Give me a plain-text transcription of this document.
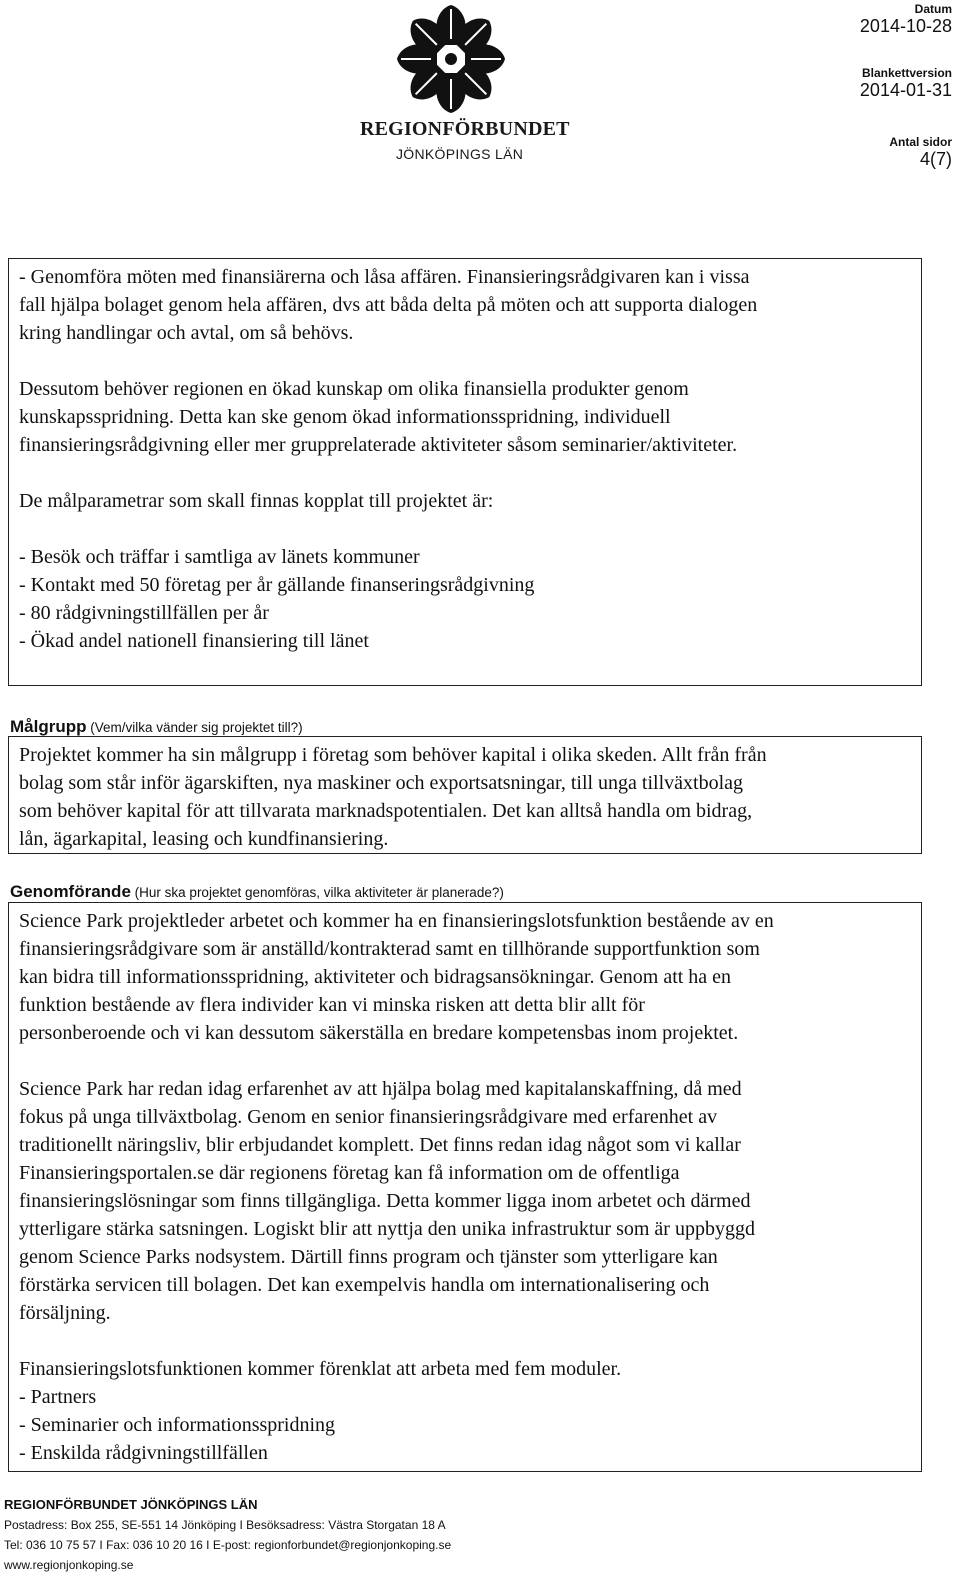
REGIONFÖRBUNDET
JÖNKÖPINGS LÄN
Datum
2014-10-28
Blankettversion
2014-01-31
Antal sidor
4(7)

- Genomföra möten med finansiärerna och låsa affären. Finansieringsrådgivaren kan i vissa

fall hjälpa bolaget genom hela affären, dvs att båda delta på möten och att supporta dialogen

kring handlingar och avtal, om så behövs.

Dessutom behöver regionen en ökad kunskap om olika finansiella produkter genom

kunskapsspridning. Detta kan ske genom ökad informationsspridning, individuell

finansieringsrådgivning eller mer grupprelaterade aktiviteter såsom seminarier/aktiviteter.

De målparametrar som skall finnas kopplat till projektet är:

- Besök och träffar i samtliga av länets kommuner

- Kontakt med 50 företag per år gällande finanseringsrådgivning

- 80 rådgivningstillfällen per år

- Ökad andel nationell finansiering till länet

Målgrupp (Vem/vilka vänder sig projektet till?)

Projektet kommer ha sin målgrupp i företag som behöver kapital i olika skeden. Allt från från

bolag som står inför ägarskiften, nya maskiner och exportsatsningar, till unga tillväxtbolag

som behöver kapital för att tillvarata marknadspotentialen. Det kan alltså handla om bidrag,

lån, ägarkapital, leasing och kundfinansiering.

Genomförande (Hur ska projektet genomföras, vilka aktiviteter är planerade?)

Science Park projektleder arbetet och kommer ha en finansieringslotsfunktion bestående av en

finansieringsrådgivare som är anställd/kontrakterad samt en tillhörande supportfunktion som

kan bidra till informationsspridning, aktiviteter och bidragsansökningar. Genom att ha en

funktion bestående av flera individer kan vi minska risken att detta blir allt för

personberoende och vi kan dessutom säkerställa en bredare kompetensbas inom projektet.

Science Park har redan idag erfarenhet av att hjälpa bolag med kapitalanskaffning, då med

fokus på unga tillväxtbolag. Genom en senior finansieringsrådgivare med erfarenhet av

traditionellt näringsliv, blir erbjudandet komplett. Det finns redan idag något som vi kallar

Finansieringsportalen.se där regionens företag kan få information om de offentliga

finansieringslösningar som finns tillgängliga. Detta kommer ligga inom arbetet och därmed

ytterligare stärka satsningen. Logiskt blir att nyttja den unika infrastruktur som är uppbyggd

genom Science Parks nodsystem. Därtill finns program och tjänster som ytterligare kan

förstärka servicen till bolagen. Det kan exempelvis handla om internationalisering och

försäljning.

Finansieringslotsfunktionen kommer förenklat att arbeta med fem moduler.

- Partners

- Seminarier och informationsspridning

- Enskilda rådgivningstillfällen

REGIONFÖRBUNDET JÖNKÖPINGS LÄN
Postadress: Box 255, SE-551 14 Jönköping I Besöksadress: Västra Storgatan 18 A
Tel: 036 10 75 57 I Fax: 036 10 20 16 I E-post: regionforbundet@regionjonkoping.se
www.regionjonkoping.se
